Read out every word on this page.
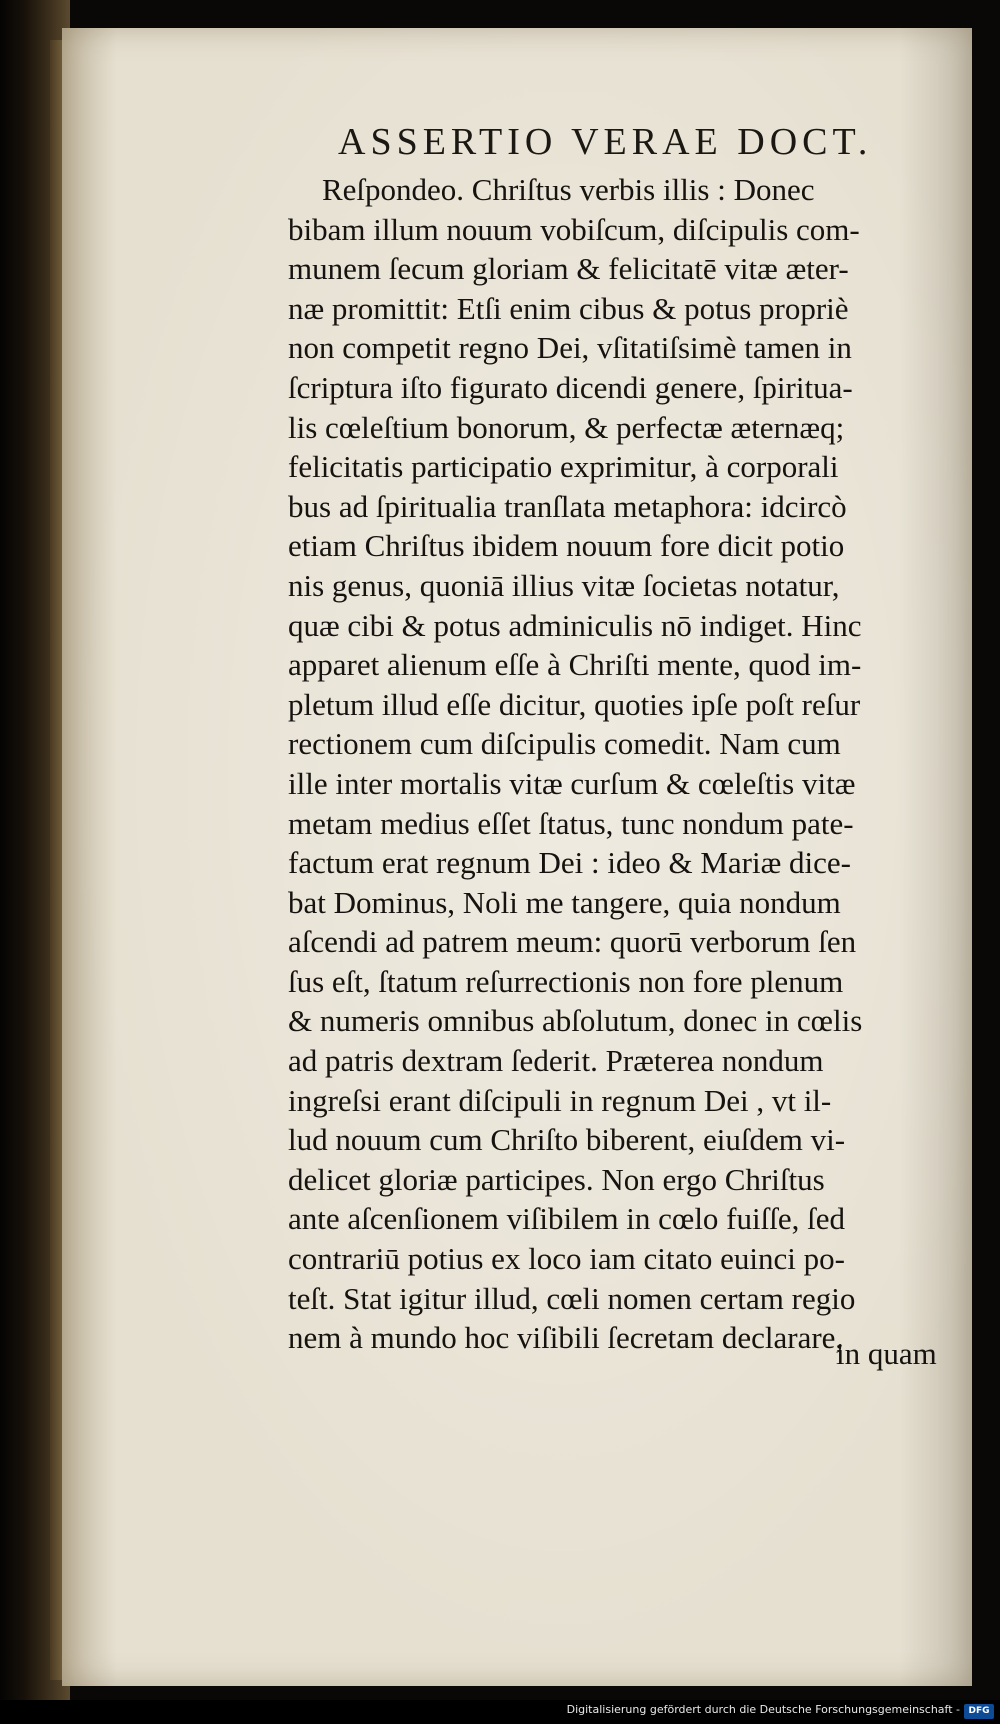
ASSERTIO VERAE DOCT.
Reſpondeo. Chriſtus verbis illis : Donec
bibam illum nouum vobiſcum, diſcipulis com-
munem ſecum gloriam & felicitatē vitæ æter-
næ promittit: Etſi enim cibus & potus propriè
non competit regno Dei, vſitatiſsimè tamen in
ſcriptura iſto figurato dicendi genere, ſpiritua-
lis cœleſtium bonorum, & perfectæ æternæq;
felicitatis participatio exprimitur, à corporali
bus ad ſpiritualia tranſlata metaphora: idcircò
etiam Chriſtus ibidem nouum fore dicit potio
nis genus, quoniā illius vitæ ſocietas notatur,
quæ cibi & potus adminiculis nō indiget. Hinc
apparet alienum eſſe à Chriſti mente, quod im-
pletum illud eſſe dicitur, quoties ipſe poſt reſur
rectionem cum diſcipulis comedit. Nam cum
ille inter mortalis vitæ curſum & cœleſtis vitæ
metam medius eſſet ſtatus, tunc nondum pate-
factum erat regnum Dei : ideo & Mariæ dice-
bat Dominus, Noli me tangere, quia nondum
aſcendi ad patrem meum: quorū verborum ſen
ſus eſt, ſtatum reſurrectionis non fore plenum
& numeris omnibus abſolutum, donec in cœlis
ad patris dextram ſederit. Præterea nondum
ingreſsi erant diſcipuli in regnum Dei , vt il-
lud nouum cum Chriſto biberent, eiuſdem vi-
delicet gloriæ participes. Non ergo Chriſtus
ante aſcenſionem viſibilem in cœlo fuiſſe, ſed
contrariū potius ex loco iam citato euinci po-
teſt. Stat igitur illud, cœli nomen certam regio
nem à mundo hoc viſibili ſecretam declarare,
in quam
Digitalisierung gefördert durch die Deutsche Forschungsgemeinschaft - DFG
